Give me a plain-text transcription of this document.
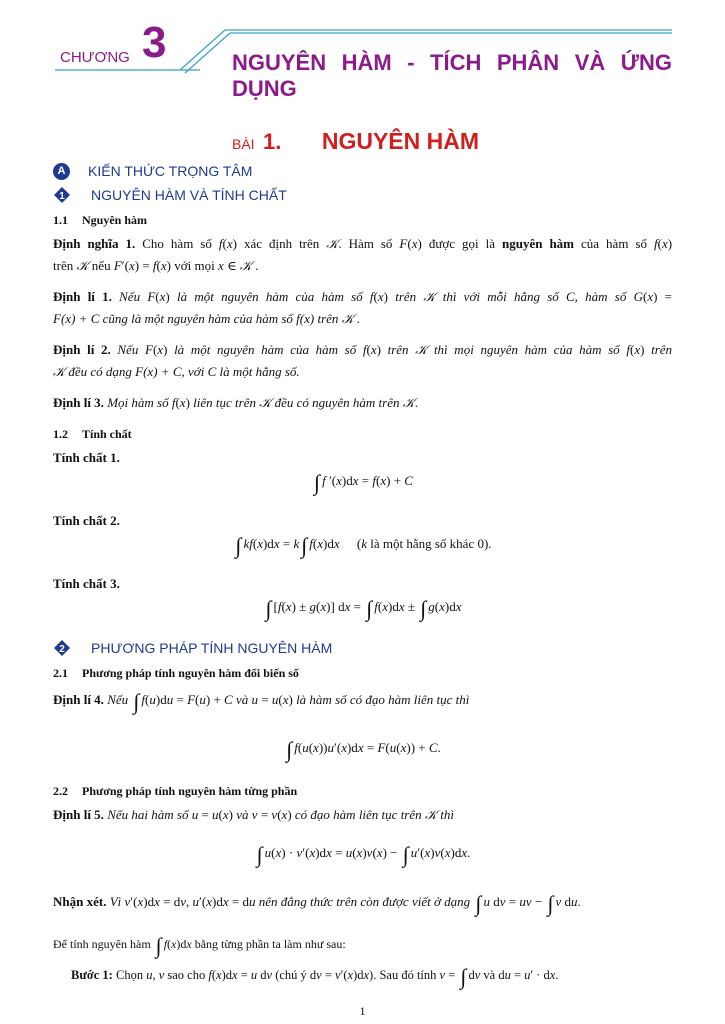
CHƯƠNG 3	NGUYÊN HÀM - TÍCH PHÂN VÀ ỨNG
DỤNG
BÀI 1. NGUYÊN HÀM
A	KIẾN THỨC TRỌNG TÂM
1 NGUYÊN HÀM VÀ TÍNH CHẤT
1.1 Nguyên hàm
Định nghĩa 1. Cho hàm số f(x) xác định trên 𝒦. Hàm số F(x) được gọi là nguyên hàm của hàm số f(x)
trên 𝒦 nếu F′(x) = f(x) với mọi x ∈ 𝒦 .
Định lí 1. Nếu F(x) là một nguyên hàm của hàm số f(x) trên 𝒦 thì với mỗi hằng số C, hàm số G(x) =
F(x) + C cũng là một nguyên hàm của hàm số f(x) trên 𝒦 .
Định lí 2. Nếu F(x) là một nguyên hàm của hàm số f(x) trên 𝒦 thì mọi nguyên hàm của hàm số f(x) trên
𝒦 đều có dạng F(x) + C, với C là một hằng số.
Định lí 3. Mọi hàm số f(x) liên tục trên 𝒦 đều có nguyên hàm trên 𝒦.
1.2 Tính chất
Tính chất 1.
∫ f ′(x)dx = f(x) + C
Tính chất 2.
∫ kf(x)dx = k∫ f(x)dx (k là một hằng số khác 0).
Tính chất 3.
∫ [f(x) ± g(x)] dx = ∫ f(x)dx ± ∫ g(x)dx
2 PHƯƠNG PHÁP TÍNH NGUYÊN HÀM
2.1 Phương pháp tính nguyên hàm đổi biến số
Định lí 4. Nếu ∫ f(u)du = F(u) + C và u = u(x) là hàm số có đạo hàm liên tục thì
∫ f(u(x))u′(x)dx = F(u(x)) + C.
2.2 Phương pháp tính nguyên hàm từng phần
Định lí 5. Nếu hai hàm số u = u(x) và v = v(x) có đạo hàm liên tục trên 𝒦 thì
∫ u(x) · v′(x)dx = u(x)v(x) − ∫ u′(x)v(x)dx.
Nhận xét. Vì v′(x)dx = dv, u′(x)dx = du nên đẳng thức trên còn được viết ở dạng ∫ u dv = uv − ∫ v du.
Để tính nguyên hàm ∫ f(x)dx bằng từng phần ta làm như sau:
Bước 1: Chọn u, v sao cho f(x)dx = u dv (chú ý dv = v′(x)dx). Sau đó tính v = ∫ dv và du = u′ · dx.
1
